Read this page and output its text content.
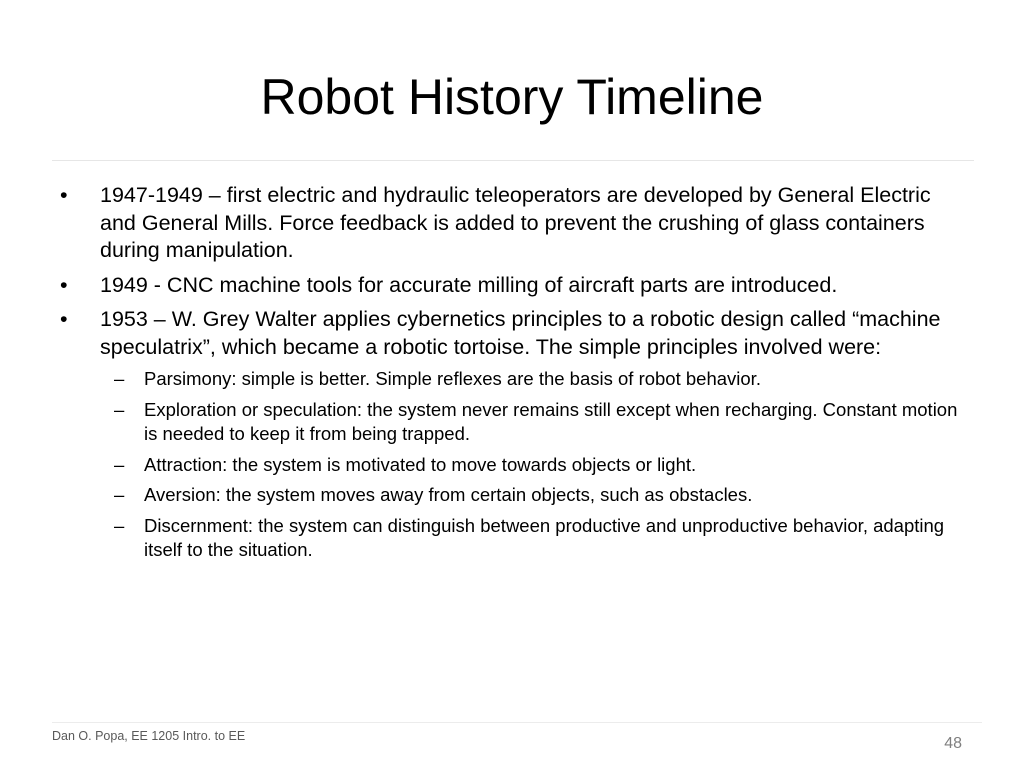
Robot History Timeline
• 1947-1949 – first electric and hydraulic teleoperators are developed by General Electric and General Mills. Force feedback is added to prevent the crushing of glass containers during manipulation.
• 1949 - CNC machine tools for accurate milling of aircraft parts are introduced.
• 1953 – W. Grey Walter applies cybernetics principles to a robotic design called “machine speculatrix”, which became a robotic tortoise. The simple principles involved were:
– Parsimony: simple is better. Simple reflexes are the basis of robot behavior.
– Exploration or speculation: the system never remains still except when recharging. Constant motion is needed to keep it from being trapped.
– Attraction: the system is motivated to move towards objects or light.
– Aversion: the system moves away from certain objects, such as obstacles.
– Discernment: the system can distinguish between productive and unproductive behavior, adapting itself to the situation.
Dan O. Popa, EE 1205 Intro. to EE	48
